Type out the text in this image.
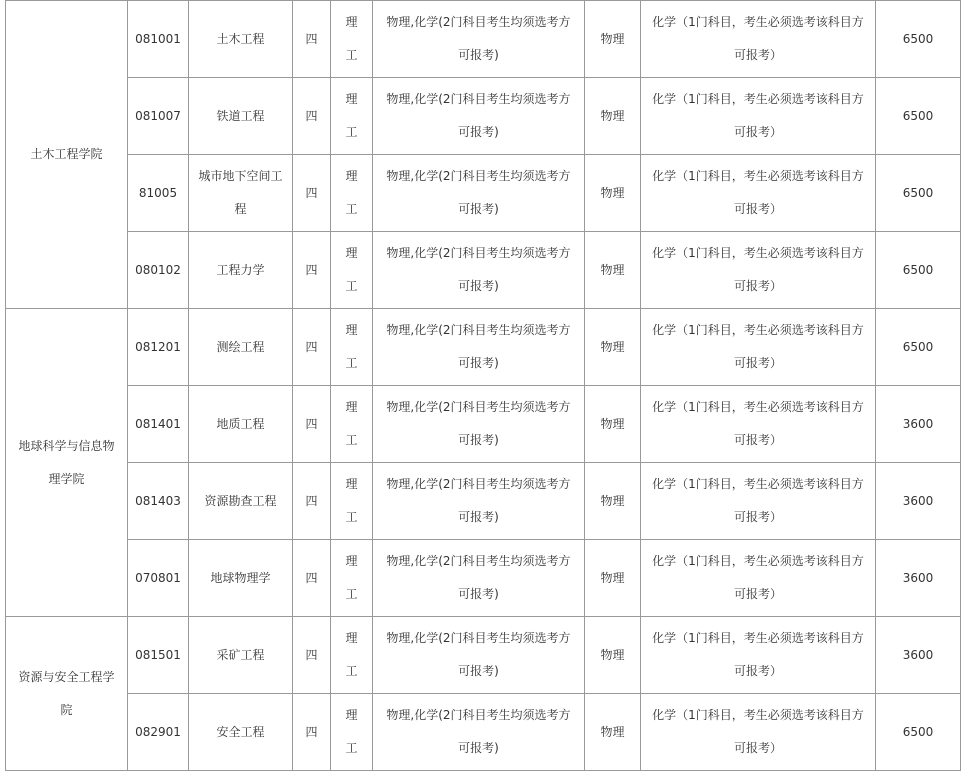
土木工程学院	081001	土木工程	四	理工	物理,化学(2门科目考生均须选考方可报考)	物理	化学（1门科目，考生必须选考该科目方可报考）	6500
	081007	铁道工程	四	理工	物理,化学(2门科目考生均须选考方可报考)	物理	化学（1门科目，考生必须选考该科目方可报考）	6500
	81005	城市地下空间工程	四	理工	物理,化学(2门科目考生均须选考方可报考)	物理	化学（1门科目，考生必须选考该科目方可报考）	6500
	080102	工程力学	四	理工	物理,化学(2门科目考生均须选考方可报考)	物理	化学（1门科目，考生必须选考该科目方可报考）	6500
地球科学与信息物理学院	081201	测绘工程	四	理工	物理,化学(2门科目考生均须选考方可报考)	物理	化学（1门科目，考生必须选考该科目方可报考）	6500
	081401	地质工程	四	理工	物理,化学(2门科目考生均须选考方可报考)	物理	化学（1门科目，考生必须选考该科目方可报考）	3600
	081403	资源勘查工程	四	理工	物理,化学(2门科目考生均须选考方可报考)	物理	化学（1门科目，考生必须选考该科目方可报考）	3600
	070801	地球物理学	四	理工	物理,化学(2门科目考生均须选考方可报考)	物理	化学（1门科目，考生必须选考该科目方可报考）	3600
资源与安全工程学院	081501	采矿工程	四	理工	物理,化学(2门科目考生均须选考方可报考)	物理	化学（1门科目，考生必须选考该科目方可报考）	3600
	082901	安全工程	四	理工	物理,化学(2门科目考生均须选考方可报考)	物理	化学（1门科目，考生必须选考该科目方可报考）	6500
